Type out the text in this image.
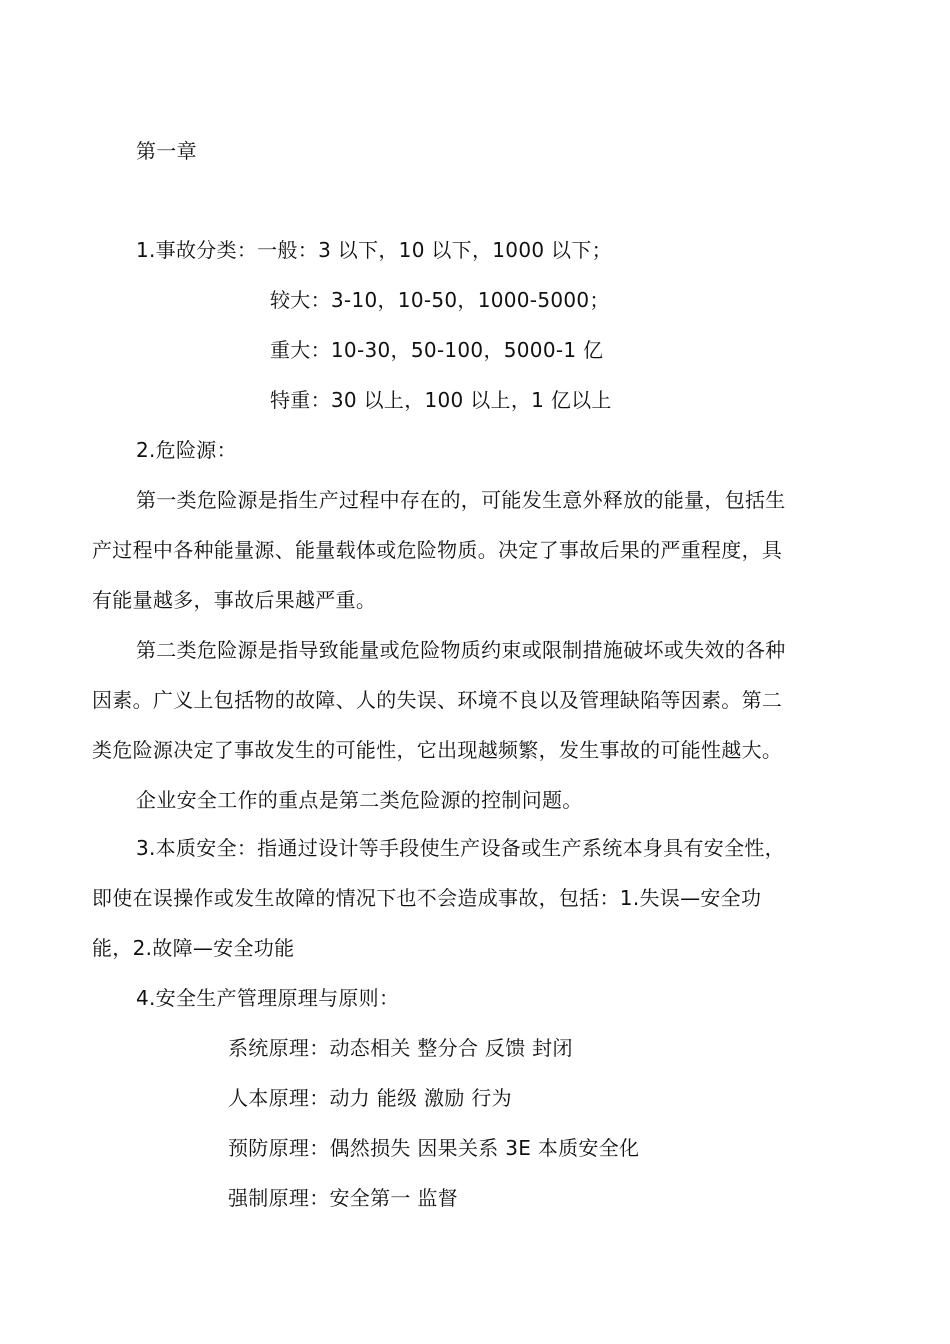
第一章
1.事故分类：一般：3 以下，10 以下，1000 以下；
较大：3-10，10-50，1000-5000；
重大：10-30，50-100，5000-1 亿
特重：30 以上，100 以上，1 亿以上
2.危险源：
第一类危险源是指生产过程中存在的，可能发生意外释放的能量，包括生
产过程中各种能量源、能量载体或危险物质。决定了事故后果的严重程度，具
有能量越多，事故后果越严重。
第二类危险源是指导致能量或危险物质约束或限制措施破坏或失效的各种
因素。广义上包括物的故障、人的失误、环境不良以及管理缺陷等因素。第二
类危险源决定了事故发生的可能性，它出现越频繁，发生事故的可能性越大。
企业安全工作的重点是第二类危险源的控制问题。
3.本质安全：指通过设计等手段使生产设备或生产系统本身具有安全性，
即使在误操作或发生故障的情况下也不会造成事故，包括：1.失误—安全功
能，2.故障—安全功能
4.安全生产管理原理与原则：
系统原理：动态相关 整分合 反馈 封闭
人本原理：动力 能级 激励 行为
预防原理：偶然损失 因果关系 3E 本质安全化
强制原理：安全第一 监督
